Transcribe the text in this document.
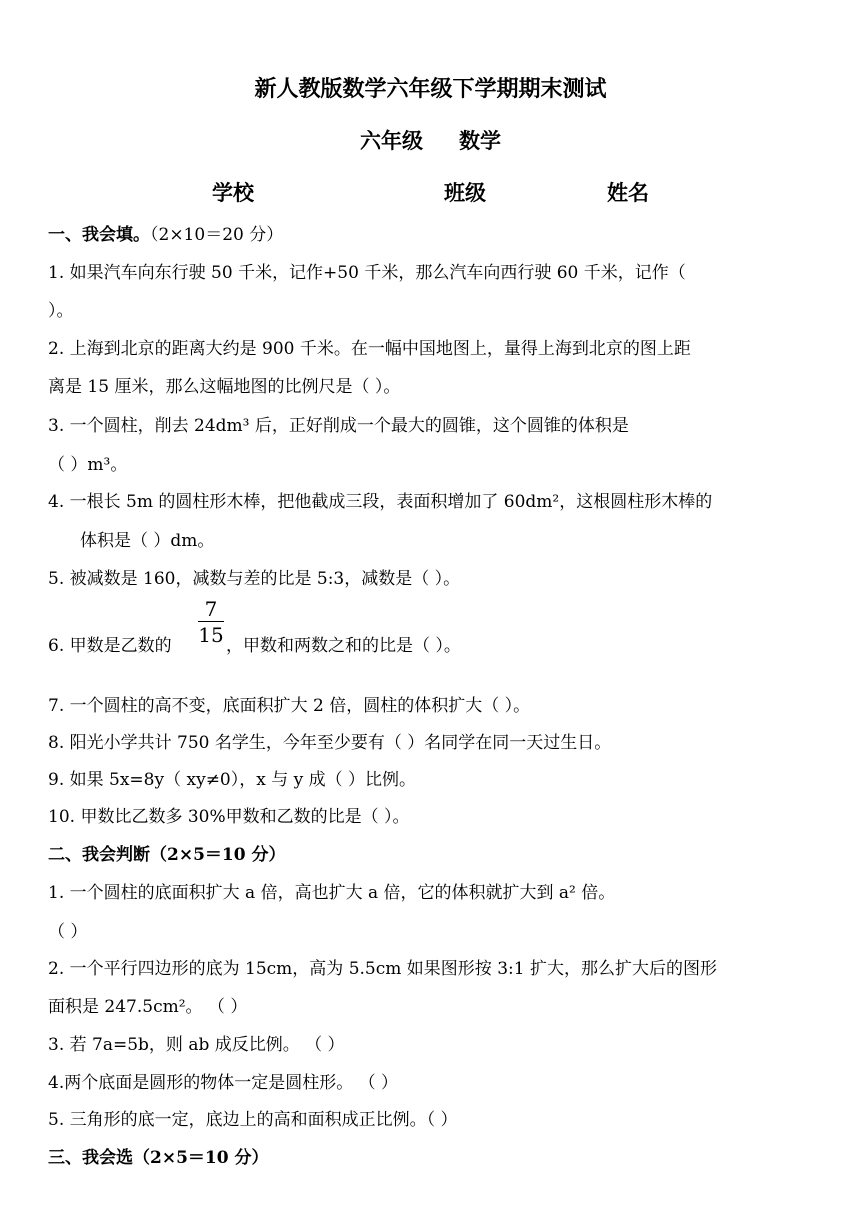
新人教版数学六年级下学期期末测试
六年级 数学
学校	班级	姓名
一、我会填。（2×10＝20 分）
1. 如果汽车向东行驶 50 千米，记作+50 千米，那么汽车向西行驶 60 千米，记作（
）。
2. 上海到北京的距离大约是 900 千米。在一幅中国地图上，量得上海到北京的图上距
离是 15 厘米，那么这幅地图的比例尺是（ ）。
3. 一个圆柱，削去 24dm³ 后，正好削成一个最大的圆锥，这个圆锥的体积是
（ ）m³。
4. 一根长 5m 的圆柱形木棒，把他截成三段，表面积增加了 60dm²，这根圆柱形木棒的
体积是（ ）dm。
5. 被减数是 160，减数与差的比是 5:3，减数是（ ）。
6. 甲数是乙数的
7
15 ，甲数和两数之和的比是（ ）。
7. 一个圆柱的高不变，底面积扩大 2 倍，圆柱的体积扩大（ ）。
8. 阳光小学共计 750 名学生，今年至少要有（ ）名同学在同一天过生日。
9. 如果 5x=8y（ xy≠0），x 与 y 成（ ）比例。
10. 甲数比乙数多 30%甲数和乙数的比是（ ）。
二、我会判断（2×5＝10 分）
1. 一个圆柱的底面积扩大 a 倍，高也扩大 a 倍，它的体积就扩大到 a² 倍。
（ ）
2. 一个平行四边形的底为 15cm，高为 5.5cm 如果图形按 3:1 扩大，那么扩大后的图形
面积是 247.5cm²。 （ ）
3. 若 7a=5b，则 ab 成反比例。 （ ）
4.两个底面是圆形的物体一定是圆柱形。 （ ）
5. 三角形的底一定，底边上的高和面积成正比例。（ ）
三、我会选（2×5＝10 分）
